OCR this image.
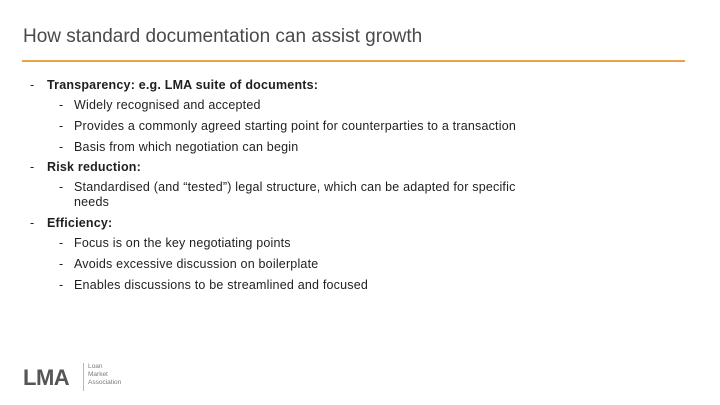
How standard documentation can assist growth
- Transparency: e.g. LMA suite of documents:
- Widely recognised and accepted
- Provides a commonly agreed starting point for counterparties to a transaction
- Basis from which negotiation can begin
- Risk reduction:
- Standardised (and “tested”) legal structure, which can be adapted for specific needs
- Efficiency:
- Focus is on the key negotiating points
- Avoids excessive discussion on boilerplate
- Enables discussions to be streamlined and focused
LMA	Loan
Market
Association
